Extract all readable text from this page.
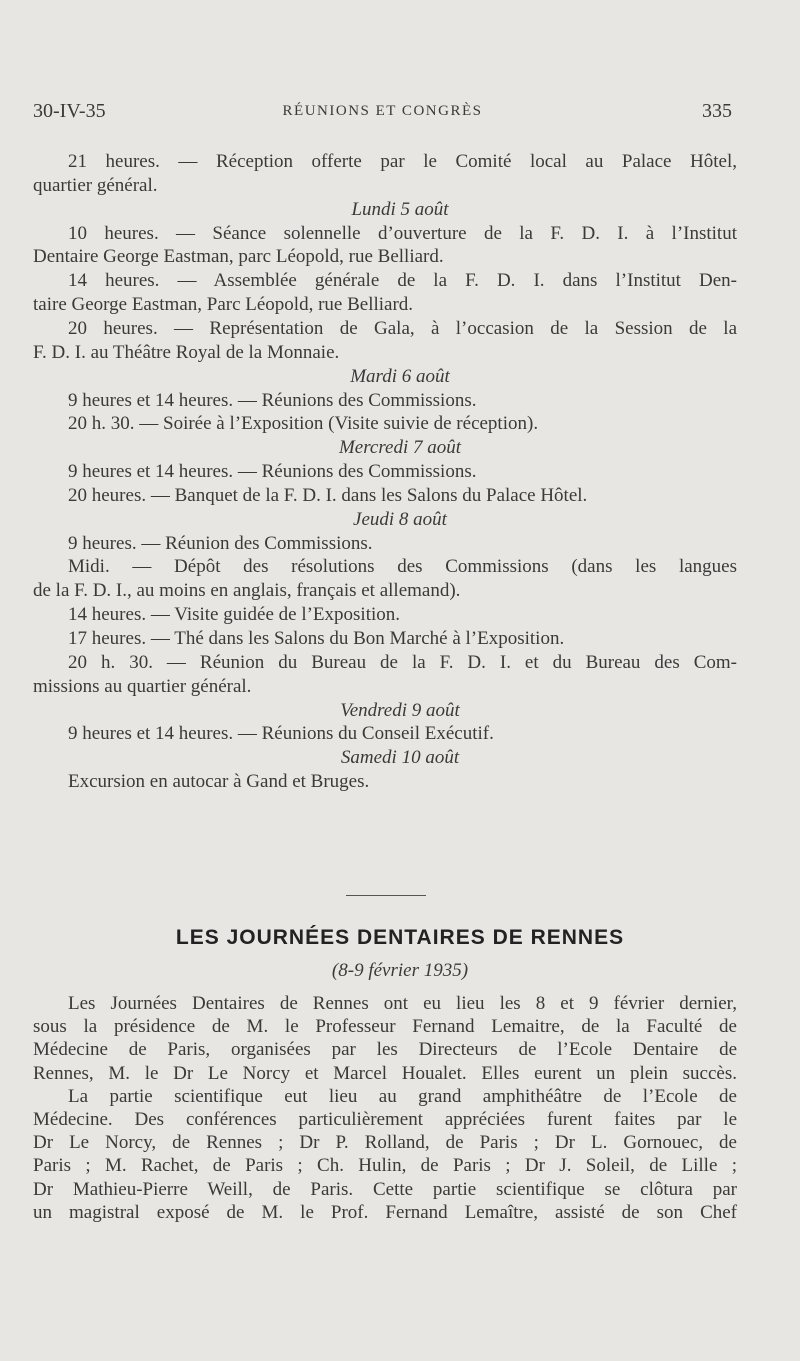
30-IV-35	RÉUNIONS ET CONGRÈS	335
21 heures. — Réception offerte par le Comité local au Palace Hôtel,
quartier général.
Lundi 5 août
10 heures. — Séance solennelle d’ouverture de la F. D. I. à l’Institut
Dentaire George Eastman, parc Léopold, rue Belliard.
14 heures. — Assemblée générale de la F. D. I. dans l’Institut Den-
taire George Eastman, Parc Léopold, rue Belliard.
20 heures. — Représentation de Gala, à l’occasion de la Session de la
F. D. I. au Théâtre Royal de la Monnaie.
Mardi 6 août
9 heures et 14 heures. — Réunions des Commissions.
20 h. 30. — Soirée à l’Exposition (Visite suivie de réception).
Mercredi 7 août
9 heures et 14 heures. — Réunions des Commissions.
20 heures. — Banquet de la F. D. I. dans les Salons du Palace Hôtel.
Jeudi 8 août
9 heures. — Réunion des Commissions.
Midi. — Dépôt des résolutions des Commissions (dans les langues
de la F. D. I., au moins en anglais, français et allemand).
14 heures. — Visite guidée de l’Exposition.
17 heures. — Thé dans les Salons du Bon Marché à l’Exposition.
20 h. 30. — Réunion du Bureau de la F. D. I. et du Bureau des Com-
missions au quartier général.
Vendredi 9 août
9 heures et 14 heures. — Réunions du Conseil Exécutif.
Samedi 10 août
Excursion en autocar à Gand et Bruges.
LES JOURNÉES DENTAIRES DE RENNES
(8-9 février 1935)
Les Journées Dentaires de Rennes ont eu lieu les 8 et 9 février dernier,
sous la présidence de M. le Professeur Fernand Lemaitre, de la Faculté de
Médecine de Paris, organisées par les Directeurs de l’Ecole Dentaire de
Rennes, M. le Dr Le Norcy et Marcel Houalet. Elles eurent un plein succès.
La partie scientifique eut lieu au grand amphithéâtre de l’Ecole de
Médecine. Des conférences particulièrement appréciées furent faites par le
Dr Le Norcy, de Rennes ; Dr P. Rolland, de Paris ; Dr L. Gornouec, de
Paris ; M. Rachet, de Paris ; Ch. Hulin, de Paris ; Dr J. Soleil, de Lille ;
Dr Mathieu-Pierre Weill, de Paris. Cette partie scientifique se clôtura par
un magistral exposé de M. le Prof. Fernand Lemaître, assisté de son Chef
